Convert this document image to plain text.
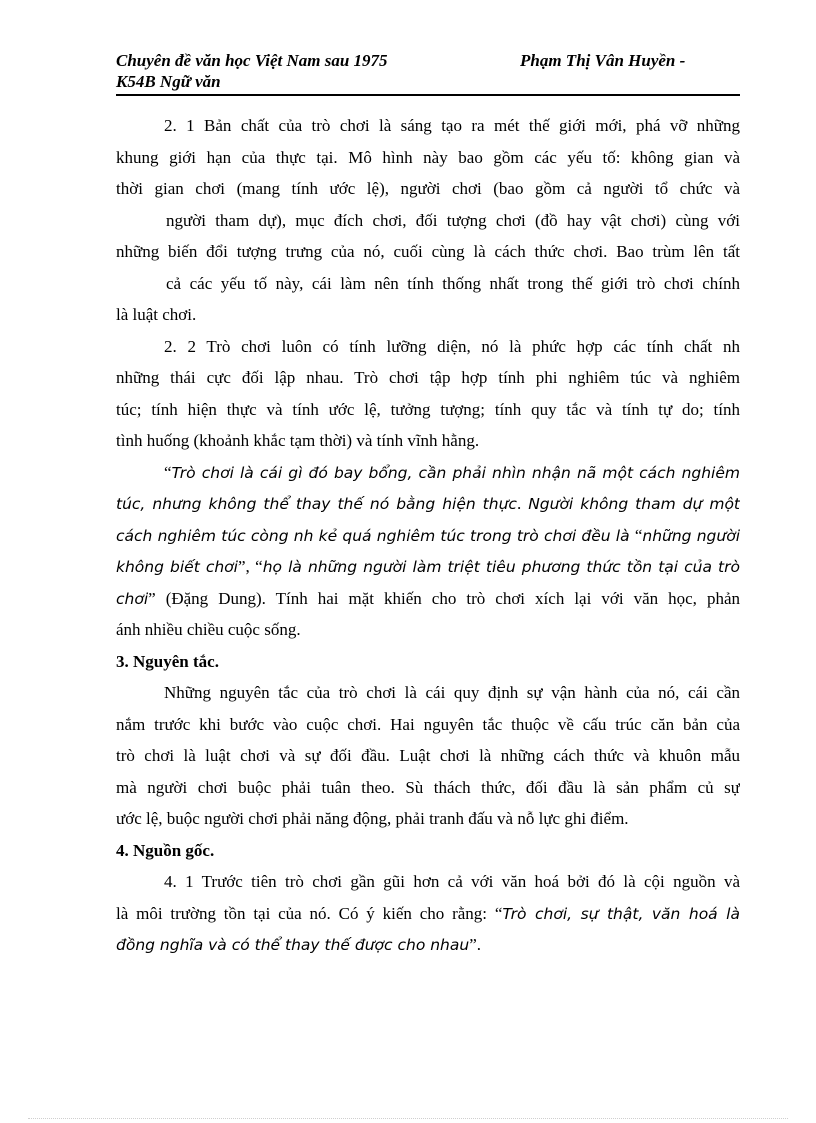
Chuyên đề văn học Việt Nam sau 1975	Phạm Thị Vân Huyền -
K54B Ngữ văn
2. 1 Bản chất của trò chơi là sáng tạo ra mét thế giới mới, phá vỡ những
khung giới hạn của thực tại. Mô hình này bao gồm các yếu tố: không gian và
thời gian chơi (mang tính ước lệ), người chơi (bao gồm cả người tổ chức và
người tham dự), mục đích chơi, đối tượng chơi (đồ hay vật chơi) cùng với
những biến đổi tượng trưng của nó, cuối cùng là cách thức chơi. Bao trùm lên tất
cả các yếu tố này, cái làm nên tính thống nhất trong thế giới trò chơi chính
là luật chơi.
2. 2 Trò chơi luôn có tính lưỡng diện, nó là phức hợp các tính chất nh
những thái cực đối lập nhau. Trò chơi tập hợp tính phi nghiêm túc và nghiêm
túc; tính hiện thực và tính ước lệ, tưởng tượng; tính quy tắc và tính tự do; tính
tình huống (khoảnh khắc tạm thời) và tính vĩnh hằng.
“Trò chơi là cái gì đó bay bổng, cần phải nhìn nhận nã một cách nghiêm
túc, nhưng không thể thay thế nó bằng hiện thực. Người không tham dự một
cách nghiêm túc còng nh kẻ quá nghiêm túc trong trò chơi đều là “những người
không biết chơi”, “họ là những người làm triệt tiêu phương thức tồn tại của trò
chơi” (Đặng Dung). Tính hai mặt khiến cho trò chơi xích lại với văn học, phản
ánh nhiều chiều cuộc sống.
3. Nguyên tắc.
Những nguyên tắc của trò chơi là cái quy định sự vận hành của nó, cái cần
nắm trước khi bước vào cuộc chơi. Hai nguyên tắc thuộc về cấu trúc căn bản của
trò chơi là luật chơi và sự đối đầu. Luật chơi là những cách thức và khuôn mẫu
mà người chơi buộc phải tuân theo. Sù thách thức, đối đầu là sản phẩm củ sự
ước lệ, buộc người chơi phải năng động, phải tranh đấu và nỗ lực ghi điểm.
4. Nguồn gốc.
4. 1 Trước tiên trò chơi gần gũi hơn cả với văn hoá bởi đó là cội nguồn và
là môi trường tồn tại của nó. Có ý kiến cho rằng: “Trò chơi, sự thật, văn hoá là
đồng nghĩa và có thể thay thế được cho nhau”.
